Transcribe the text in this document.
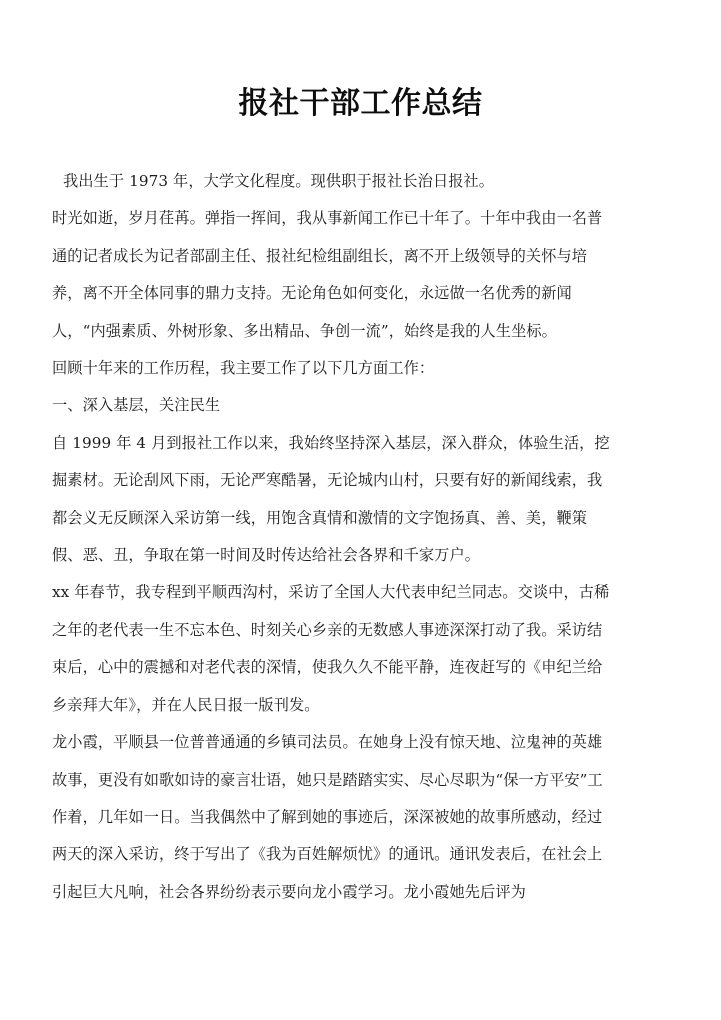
报社干部工作总结

我出生于 1973 年，大学文化程度。现供职于报社长治日报社。

时光如逝，岁月荏苒。弹指一挥间，我从事新闻工作已十年了。十年中我由一名普通的记者成长为记者部副主任、报社纪检组副组长，离不开上级领导的关怀与培养，离不开全体同事的鼎力支持。无论角色如何变化，永远做一名优秀的新闻人，“内强素质、外树形象、多出精品、争创一流”，始终是我的人生坐标。

回顾十年来的工作历程，我主要工作了以下几方面工作：

一、深入基层，关注民生

自 1999 年 4 月到报社工作以来，我始终坚持深入基层，深入群众，体验生活，挖掘素材。无论刮风下雨，无论严寒酷暑，无论城内山村，只要有好的新闻线索，我都会义无反顾深入采访第一线，用饱含真情和激情的文字饱扬真、善、美，鞭策假、恶、丑，争取在第一时间及时传达给社会各界和千家万户。

xx 年春节，我专程到平顺西沟村，采访了全国人大代表申纪兰同志。交谈中，古稀之年的老代表一生不忘本色、时刻关心乡亲的无数感人事迹深深打动了我。采访结束后，心中的震撼和对老代表的深情，使我久久不能平静，连夜赶写的《申纪兰给乡亲拜大年》，并在人民日报一版刊发。

龙小霞，平顺县一位普普通通的乡镇司法员。在她身上没有惊天地、泣鬼神的英雄故事，更没有如歌如诗的豪言壮语，她只是踏踏实实、尽心尽职为“保一方平安”工作着，几年如一日。当我偶然中了解到她的事迹后，深深被她的故事所感动，经过两天的深入采访，终于写出了《我为百姓解烦忧》的通讯。通讯发表后，在社会上引起巨大凡响，社会各界纷纷表示要向龙小霞学习。龙小霞她先后评为
